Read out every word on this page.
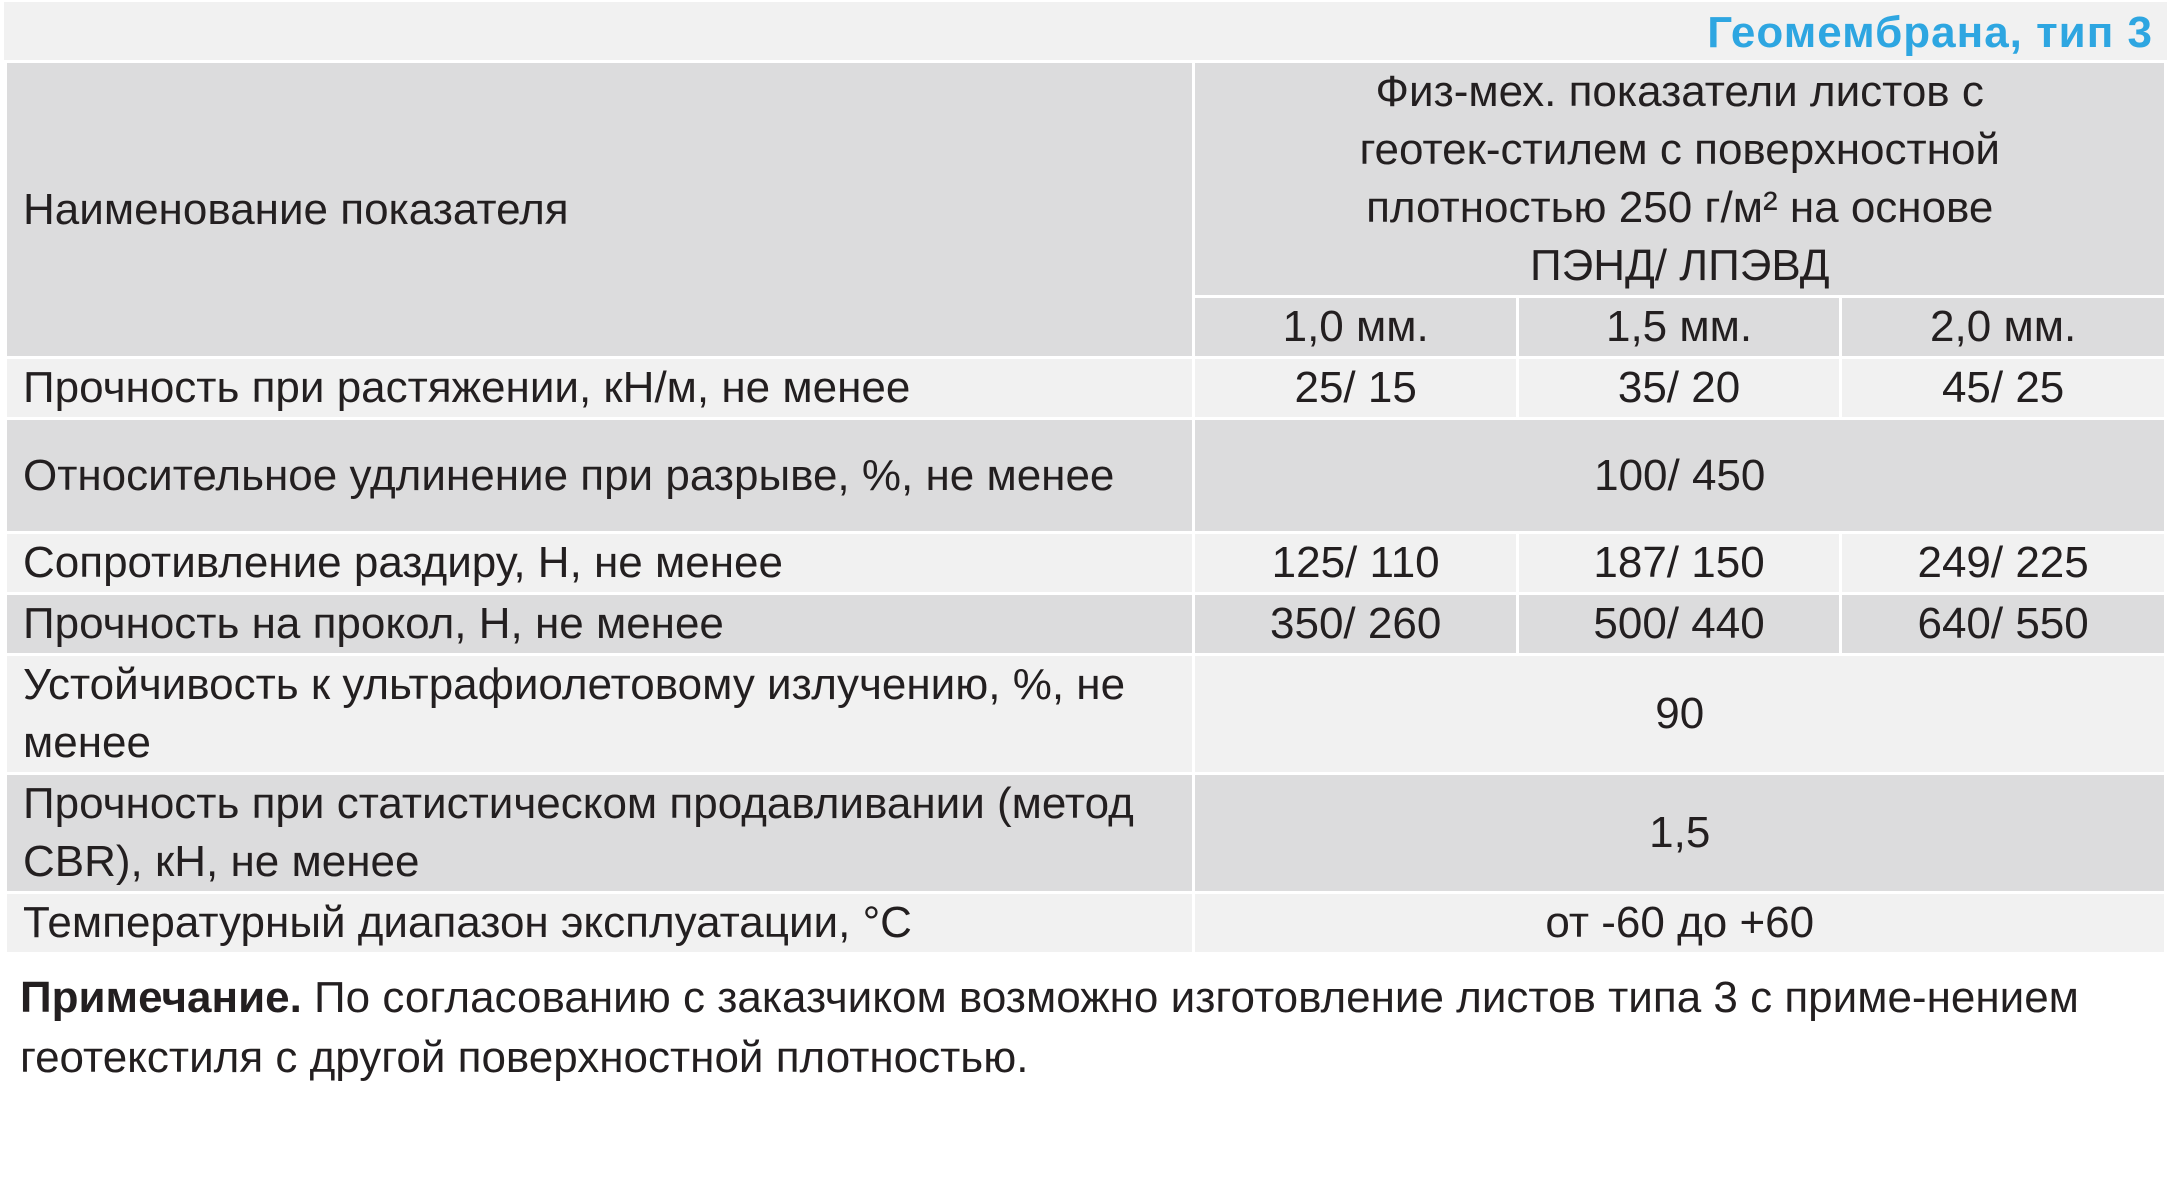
Геомембрана, тип 3
Наименование показателя	Физ-мех. показатели листов с геотек-стилем с поверхностной плотностью 250 г/м² на основе ПЭНД/ ЛПЭВД		
	1,0 мм.	1,5 мм.	2,0 мм.
Прочность при растяжении, кН/м, не менее	25/ 15	35/ 20	45/ 25
Относительное удлинение при разрыве, %, не менее	100/ 450		
Сопротивление раздиру, Н, не менее	125/ 110	187/ 150	249/ 225
Прочность на прокол, Н, не менее	350/ 260	500/ 440	640/ 550
Устойчивость к ультрафиолетовому излучению, %, не менее	90		
Прочность при статистическом продавливании (метод CBR), кН, не менее	1,5		
Температурный диапазон эксплуатации, °С	от -60 до +60		

Примечание. По согласованию с заказчиком возможно изготовление листов типа 3 с приме-нением геотекстиля с другой поверхностной плотностью.
